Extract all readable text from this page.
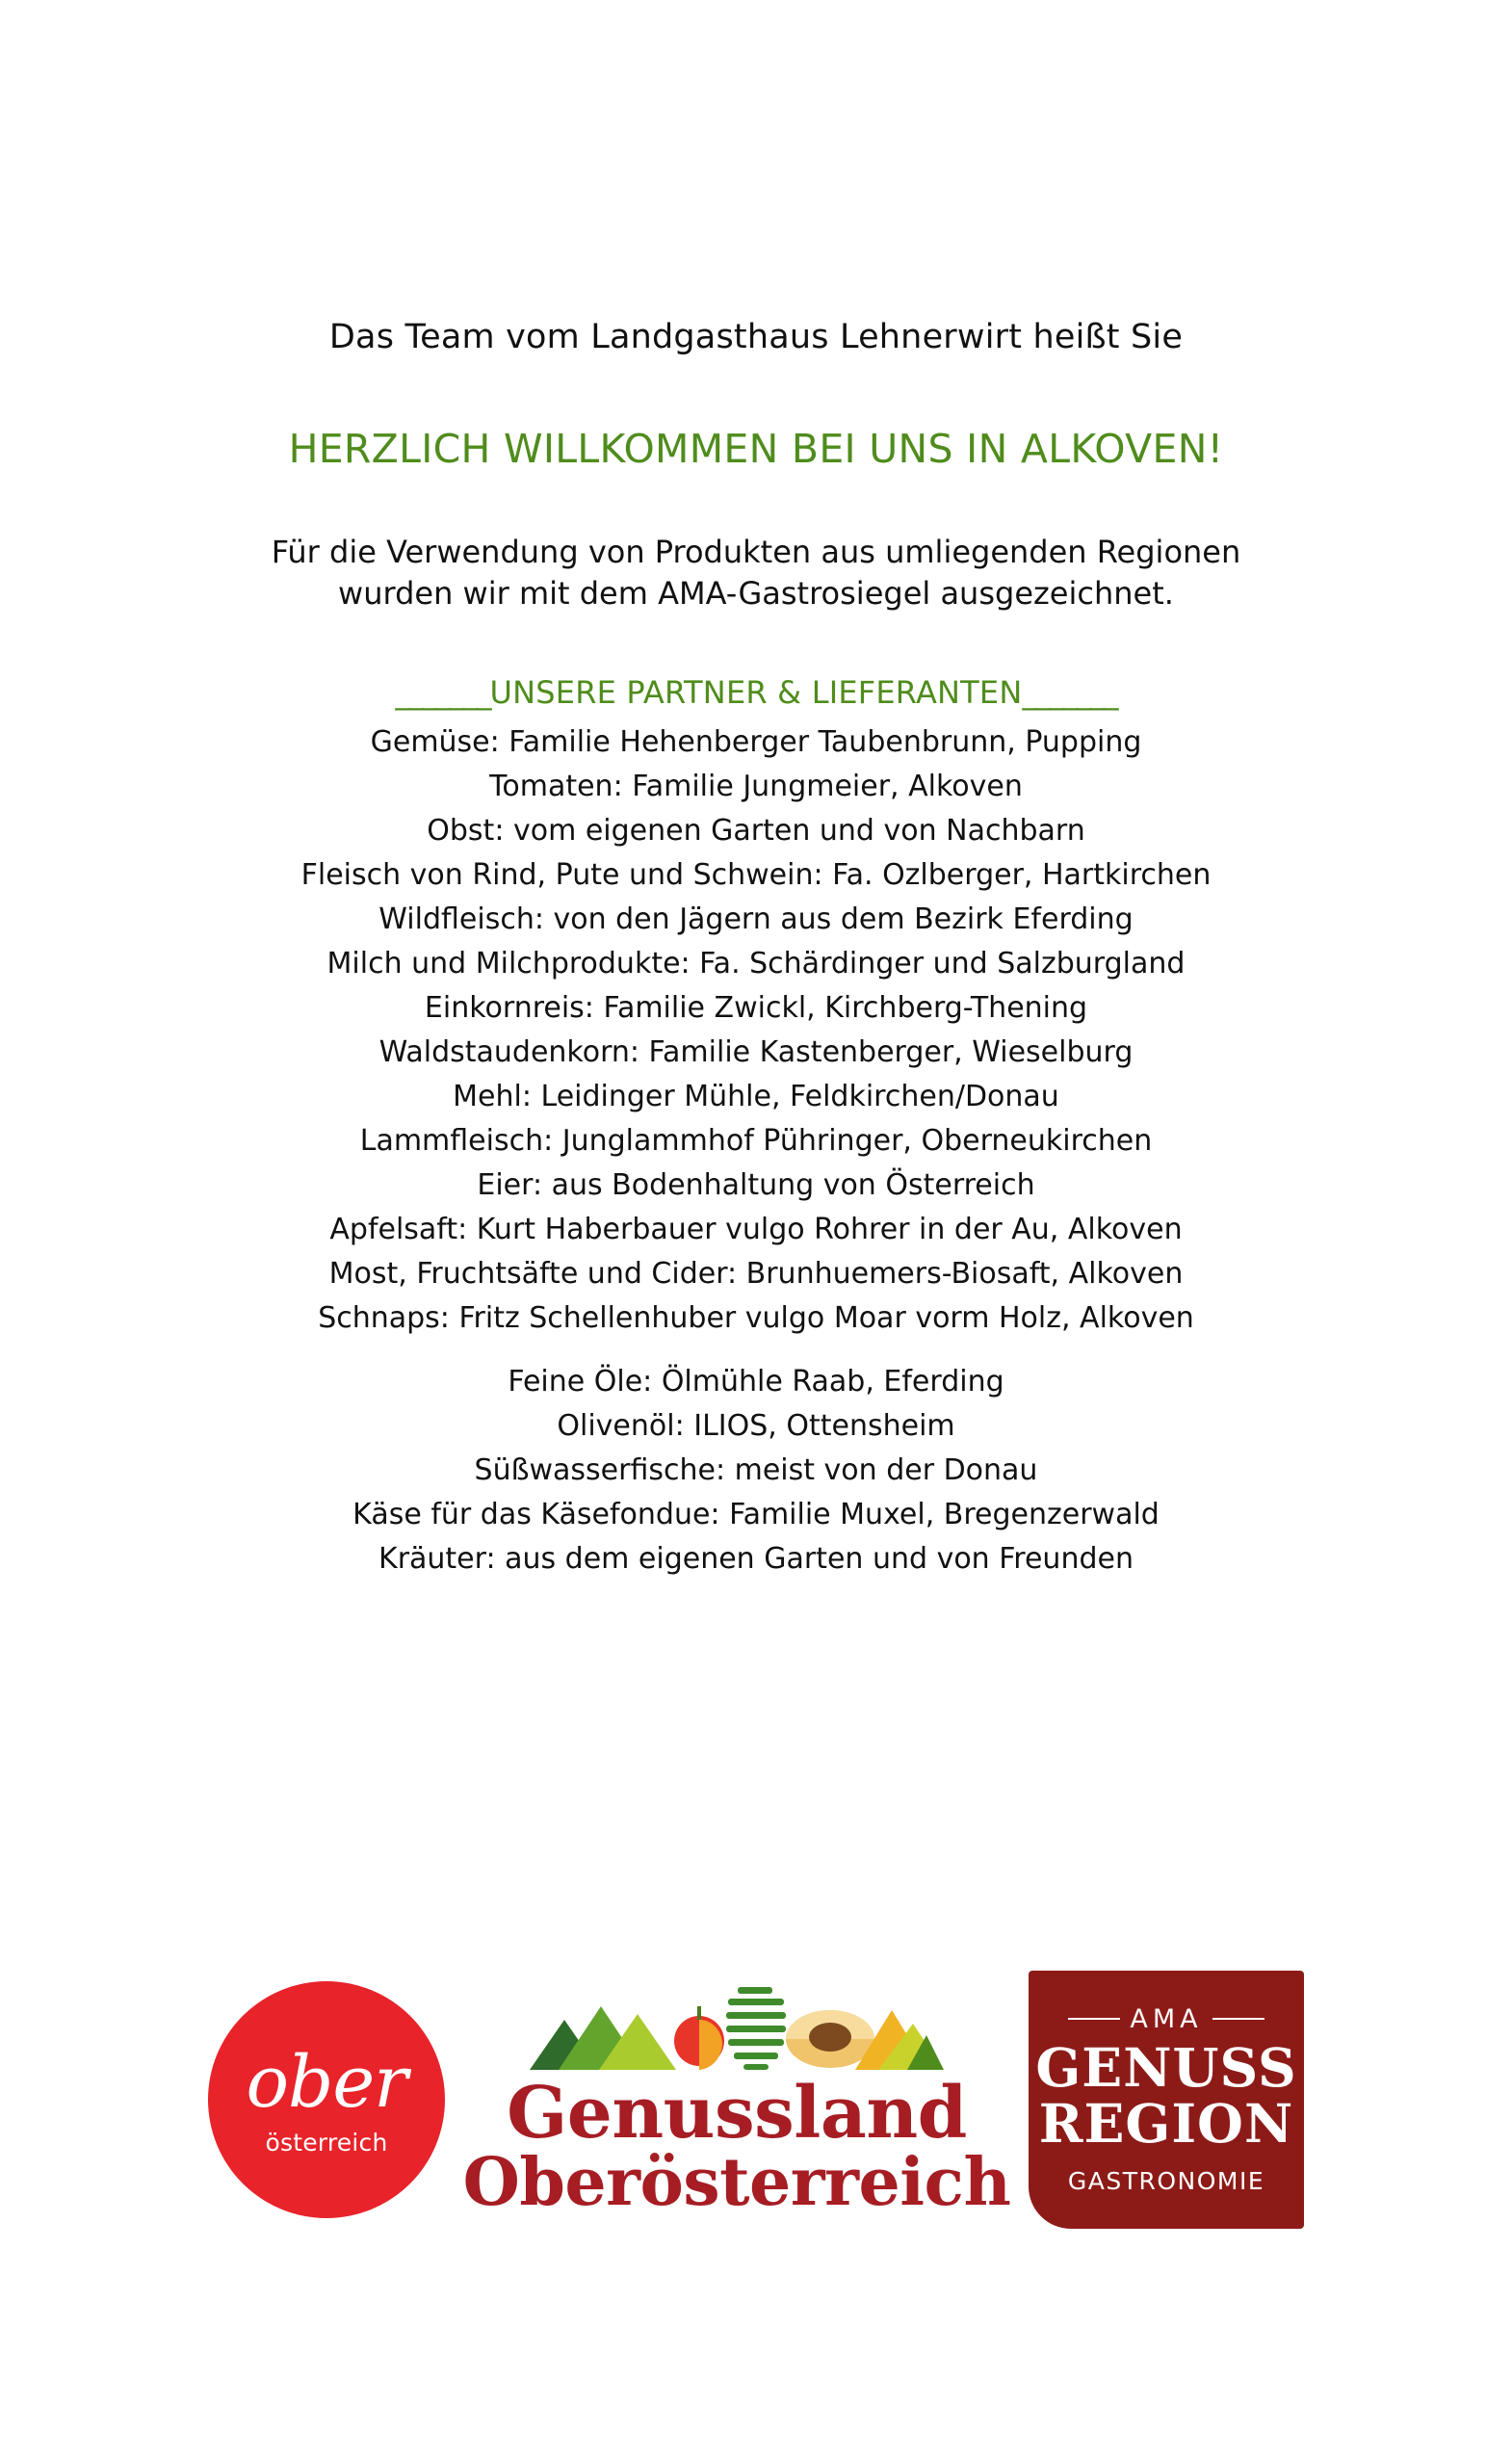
Das Team vom Landgasthaus Lehnerwirt heißt Sie
HERZLICH WILLKOMMEN BEI UNS IN ALKOVEN!
Für die Verwendung von Produkten aus umliegenden Regionen wurden wir mit dem AMA-Gastrosiegel ausgezeichnet.
_______UNSERE PARTNER & LIEFERANTEN_______
Gemüse: Familie Hehenberger Taubenbrunn, Pupping
Tomaten: Familie Jungmeier, Alkoven
Obst: vom eigenen Garten und von Nachbarn
Fleisch von Rind, Pute und Schwein: Fa. Ozlberger, Hartkirchen
Wildfleisch: von den Jägern aus dem Bezirk Eferding
Milch und Milchprodukte: Fa. Schärdinger und Salzburgland
Einkornreis: Familie Zwickl, Kirchberg-Thening
Waldstaudenkorn: Familie Kastenberger, Wieselburg
Mehl: Leidinger Mühle, Feldkirchen/Donau
Lammfleisch: Junglammhof Pühringer, Oberneukirchen
Eier: aus Bodenhaltung von Österreich
Apfelsaft: Kurt Haberbauer vulgo Rohrer in der Au, Alkoven
Most, Fruchtsäfte und Cider: Brunhuemers-Biosaft, Alkoven
Schnaps: Fritz Schellenhuber vulgo Moar vorm Holz, Alkoven
Feine Öle: Ölmühle Raab, Eferding
Olivenöl: ILIOS, Ottensheim
Süßwasserfische: meist von der Donau
Käse für das Käsefondue: Familie Muxel, Bregenzerwald
Kräuter: aus dem eigenen Garten und von Freunden
ober
österreich Genussland
Oberösterreich
AMA
GENUSS
REGION
GASTRONOMIE
